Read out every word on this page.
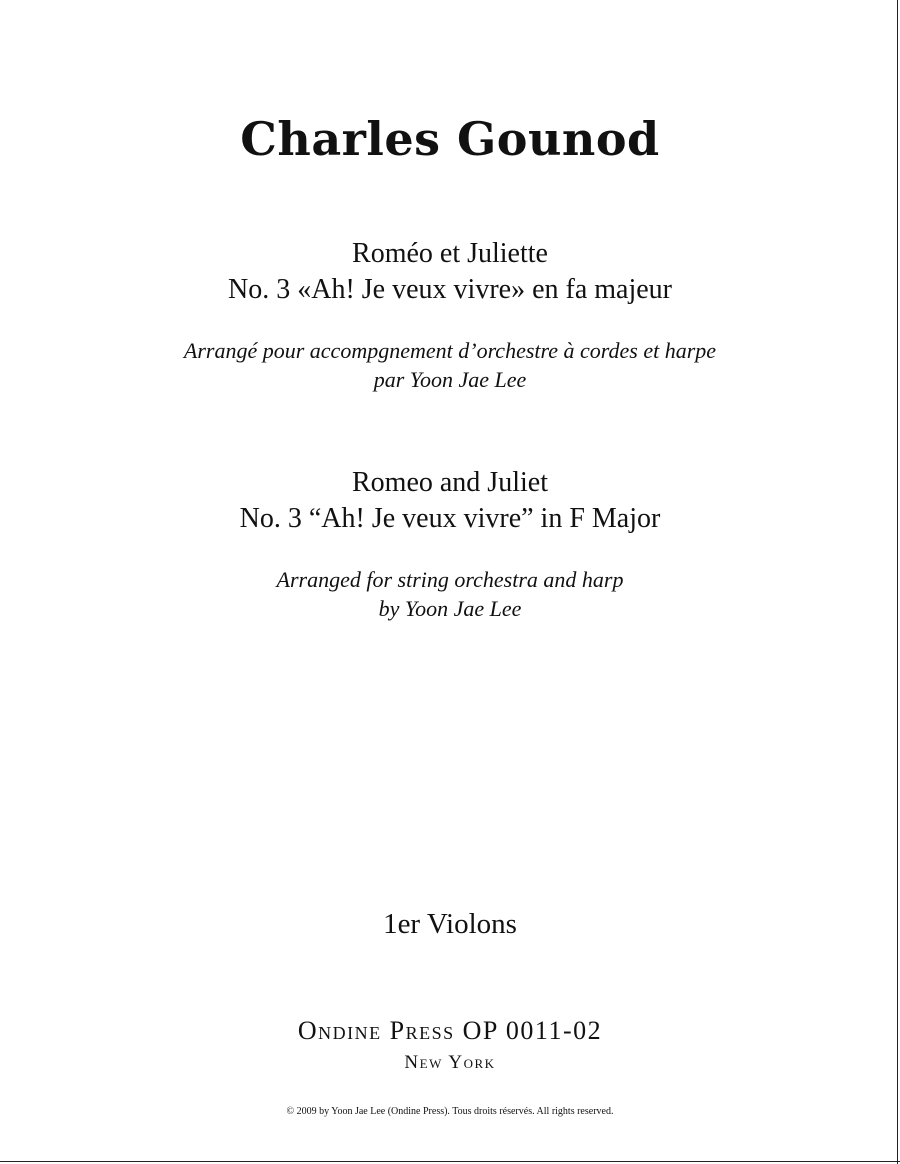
Charles Gounod
Roméo et Juliette
No. 3 «Ah! Je veux vivre» en fa majeur
Arrangé pour accompgnement d’orchestre à cordes et harpe
par Yoon Jae Lee
Romeo and Juliet
No. 3 “Ah! Je veux vivre” in F Major
Arranged for string orchestra and harp
by Yoon Jae Lee
1er Violons
Ondine Press OP 0011-02
New York
© 2009 by Yoon Jae Lee (Ondine Press). Tous droits réservés. All rights reserved.
